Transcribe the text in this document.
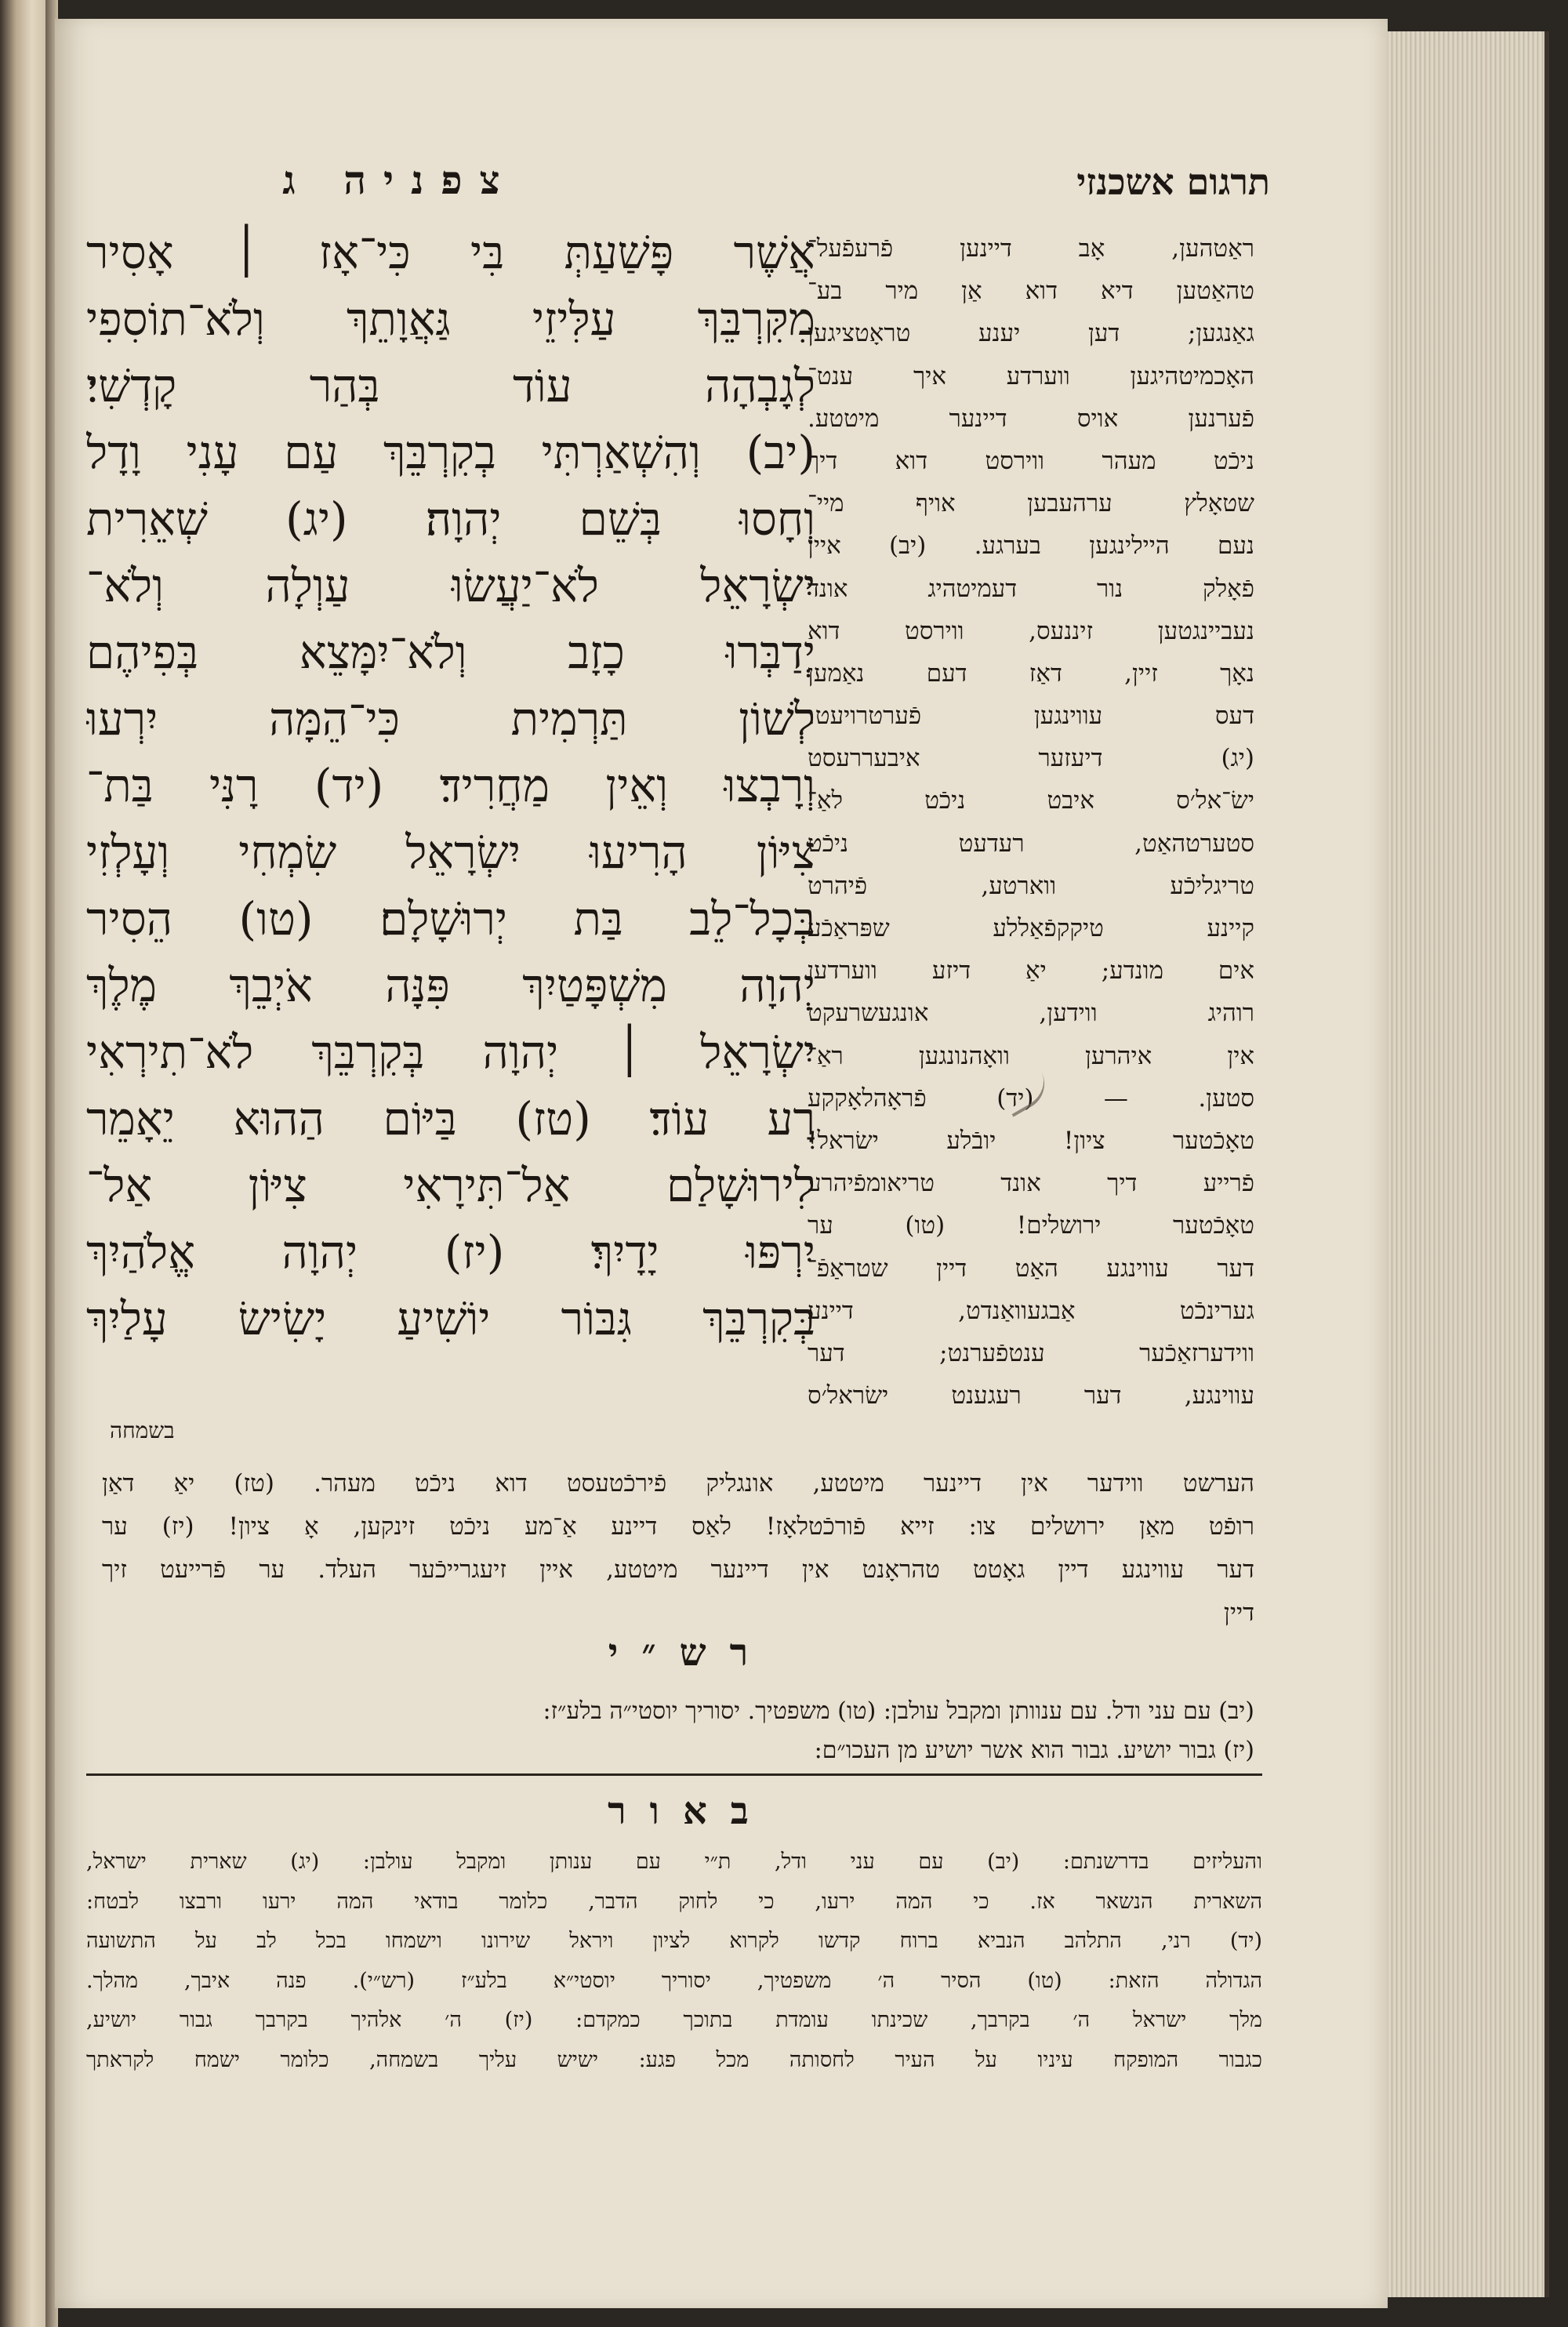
צפניה ג	תרגום אשכנזי
אֲשֶׁר פָּשַׁעַתְּ בִּי כִּי־אָז ׀ אָסִיר
מִקִּרְבֵּךְ עַלִּיזֵי גַּאֲוָתֵךְ וְלֹא־תוֹסִפִי
לְגָבְהָה עוֹד בְּהַר קָדְשִׁי׃
(יב) וְהִשְׁאַרְתִּי בְקִרְבֵּךְ עַם עָנִי וָדָל
וְחָסוּ בְּשֵׁם יְהוָה׃ (יג) שְׁאֵרִית
יִשְׂרָאֵל לֹא־יַעֲשׂוּ עַוְלָה וְלֹא־
יְדַבְּרוּ כָזָב וְלֹא־יִמָּצֵא בְּפִיהֶם
לְשׁוֹן תַּרְמִית כִּי־הֵמָּה יִרְעוּ
וְרָבְצוּ וְאֵין מַחֲרִיד׃ (יד) רָנִּי בַּת־
צִיּוֹן הָרִיעוּ יִשְׂרָאֵל שִׂמְחִי וְעָלְזִי
בְּכָל־לֵב בַּת יְרוּשָׁלָם׃ (טו) הֵסִיר
יְהוָה מִשְׁפָּטַיִךְ פִּנָּה אֹיְבֵךְ מֶלֶךְ
יִשְׂרָאֵל ׀ יְהוָה בְּקִרְבֵּךְ לֹא־תִירְאִי
רָע עוֹד׃ (טז) בַּיּוֹם הַהוּא יֵאָמֵר
לִירוּשָׁלַם אַל־תִּירָאִי צִיּוֹן אַל־
יִרְפּוּ יָדָיִךְ׃ (יז) יְהוָה אֱלֹהַיִךְ
בְּקִרְבֵּךְ גִּבּוֹר יוֹשִׁיעַ יָשִׂישׂ עָלַיִךְ
בשמחה
ראַטהען, אָב דיינען פֿרעפֿעל־
טהאַטען דיא דוא אַן מיר בע־
גאַנגען; דען יענע טראָטציגען
האָכמיטהיגען ווערדע איך ענט־
פֿערנען אויס דיינער מיטטע.
ניכֿט מעהר ווירסט דוא דיך
שטאָלץ ערהעבען אויף מיי־
נעם היילינגען בערגע. (יב) איין
פֿאָלק נור דעמיטהיג אונד
נעביינגטען זיננעס, ווירסט דוא
נאָך זיין, דאַז דעם נאַמען
דעס עווינגען פֿערטרויעט.
(יג) דיעזער איבעררעסט
ישׂ־אל׳ס איבט ניכֿט לאַ־
סטערטהאַט, רעדעט ניכֿט
טריגליכֿע ווארטע, פֿיהרט
קיינע טיקקפֿאַללע שפּראַכֿע
אים מונדע; יאַ דיזע ווערדען
רוהיג ווידען, אונגעשרעקט
אין איהרען וואָהנונגען ראַ־
סטען. — (יד) פֿראָהלאָקקע
טאָכֿטער ציון! יובֿלע ישׂראל!
פֿרייע דיך אונד טריאומפֿיהרע
טאָכֿטער ירושלים! (טו) ער
דער עווינגע האַט דיין שטראַפֿ־
גערינכֿט אַבגעוואַנדט, דיינע
ווידערזאַכֿער ענטפֿערנט; דער
עווינגע, דער רעגענט ישׂראל׳ס
הערשט ווידער אין דיינער מיטטע, אונגליק פֿירכֿטעסט דוא ניכֿט מעהר. (טז) יאַ דאַן
רופֿט מאַן ירושלים צו: זייא פֿורכֿטלאָז! לאַס דיינע אַ־מע ניכֿט זינקען, אָ ציון! (יז) ער
דער עווינגע דיין גאָטט טהראָנט אין דיינער מיטטע, איין זיעגרייכֿער העלד. ער פֿרייעט זיך
דיין
רש״י
(יב) עם עני ודל. עם ענוותן ומקבל עולבן: (טו) משפטיך. יסוריך יוסטי״ה בלע״ז:
(יז) גבור יושיע. גבור הוא אשר יושיע מן העכו״ם:
באור
והעליזים בדרשנתם: (יב) עם עני ודל, ת״י עם ענותן ומקבל עולבן: (יג) שארית ישראל,
השארית הנשאר אז. כי המה ירעו, כי לחוק הדבר, כלומר בודאי המה ירעו ורבצו לבטח:
(יד) רני, התלהב הנביא ברוח קדשו לקרוא לציון ויראל שירונו וישמחו בכל לב על התשועה
הגדולה הזאת: (טו) הסיר ה׳ משפטיך, יסוריך יוסטי״א בלע״ז (רש״י). פנה איבך, מהלך.
מלך ישראל ה׳ בקרבך, שכינתו עומדת בתוכך כמקדם: (יז) ה׳ אלהיך בקרבך גבור יושיע,
כגבור המופקח עיניו על העיר לחסותה מכל פגע: ישיש עליך בשמחה, כלומר ישמח לקראתך
